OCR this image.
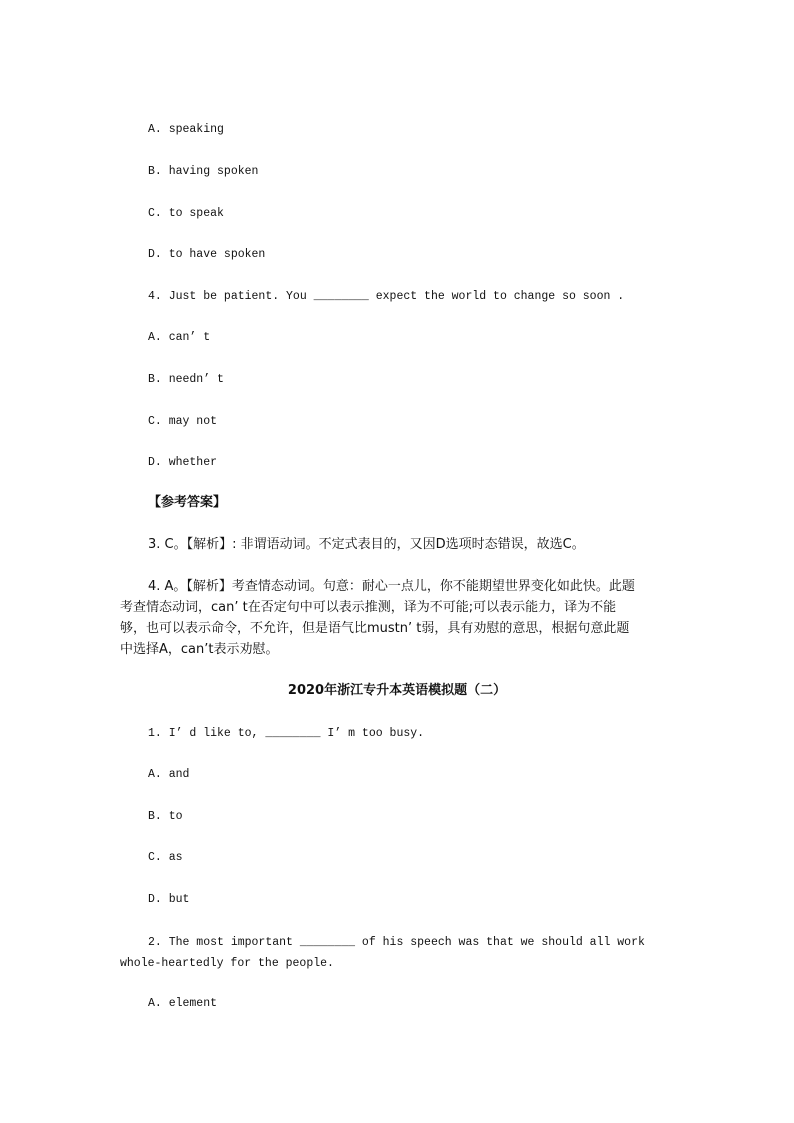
A. speaking
B. having spoken
C. to speak
D. to have spoken
4. Just be patient. You ________ expect the world to change so soon .
A. can’ t
B. needn’ t
C. may not
D. whether
【参考答案】
3. C。【解析】: 非谓语动词。不定式表目的，又因D选项时态错误，故选C。
4. A。【解析】考查情态动词。句意：耐心一点儿，你不能期望世界变化如此快。此题
考查情态动词，can’ t在否定句中可以表示推测，译为不可能;可以表示能力，译为不能
够，也可以表示命令，不允许，但是语气比mustn’ t弱，具有劝慰的意思，根据句意此题
中选择A，can’t表示劝慰。
2020年浙江专升本英语模拟题（二）
1. I’ d like to, ________ I’ m too busy.
A. and
B. to
C. as
D. but
2. The most important ________ of his speech was that we should all work
whole-heartedly for the people.
A. element
